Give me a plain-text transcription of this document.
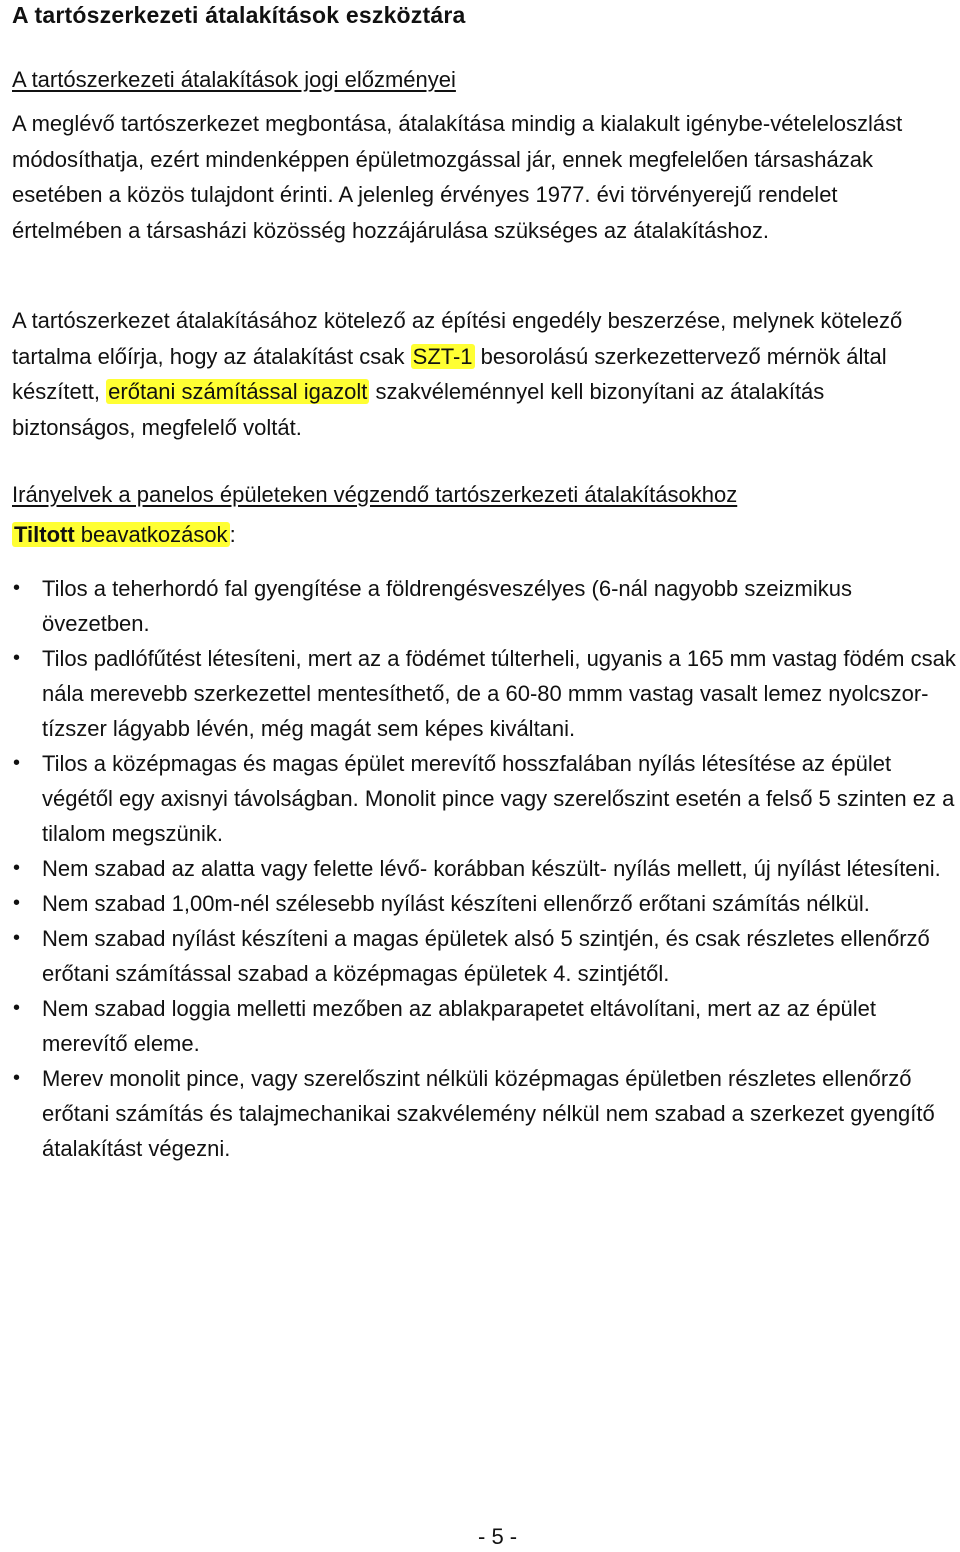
A tartószerkezeti átalakítások eszköztára
A tartószerkezeti átalakítások jogi előzményei

A meglévő tartószerkezet megbontása, átalakítása mindig a kialakult igénybe-vételeloszlást módosíthatja, ezért mindenképpen épületmozgással jár, ennek megfelelően társasházak esetében a közös tulajdont érinti. A jelenleg érvényes 1977. évi törvényerejű rendelet értelmében a társasházi közösség hozzájárulása szükséges az átalakításhoz.

A tartószerkezet átalakításához kötelező az építési engedély beszerzése, melynek kötelező tartalma előírja, hogy az átalakítást csak SZT-1 besorolású szerkezettervező mérnök által készített, erőtani számítással igazolt szakvéleménnyel kell bizonyítani az átalakítás biztonságos, megfelelő voltát.

Irányelvek a panelos épületeken végzendő tartószerkezeti átalakításokhoz
Tiltott beavatkozások:
• Tilos a teherhordó fal gyengítése a földrengésveszélyes (6-nál nagyobb szeizmikus övezetben.
• Tilos padlófűtést létesíteni, mert az a födémet túlterheli, ugyanis a 165 mm vastag födém csak nála merevebb szerkezettel mentesíthető, de a 60-80 mmm vastag vasalt lemez nyolcszor-tízszer lágyabb lévén, még magát sem képes kiváltani.
• Tilos a középmagas és magas épület merevítő hosszfalában nyílás létesítése az épület végétől egy axisnyi távolságban. Monolit pince vagy szerelőszint esetén a felső 5 szinten ez a tilalom megszünik.
• Nem szabad az alatta vagy felette lévő- korábban készült- nyílás mellett, új nyílást létesíteni.
• Nem szabad 1,00m-nél szélesebb nyílást készíteni ellenőrző erőtani számítás nélkül.
• Nem szabad nyílást készíteni a magas épületek alsó 5 szintjén, és csak részletes ellenőrző erőtani számítással szabad a középmagas épületek 4. szintjétől.
• Nem szabad loggia melletti mezőben az ablakparapetet eltávolítani, mert az az épület merevítő eleme.
• Merev monolit pince, vagy szerelőszint nélküli középmagas épületben részletes ellenőrző erőtani számítás és talajmechanikai szakvélemény nélkül nem szabad a szerkezet gyengítő átalakítást végezni.
- 5 -
